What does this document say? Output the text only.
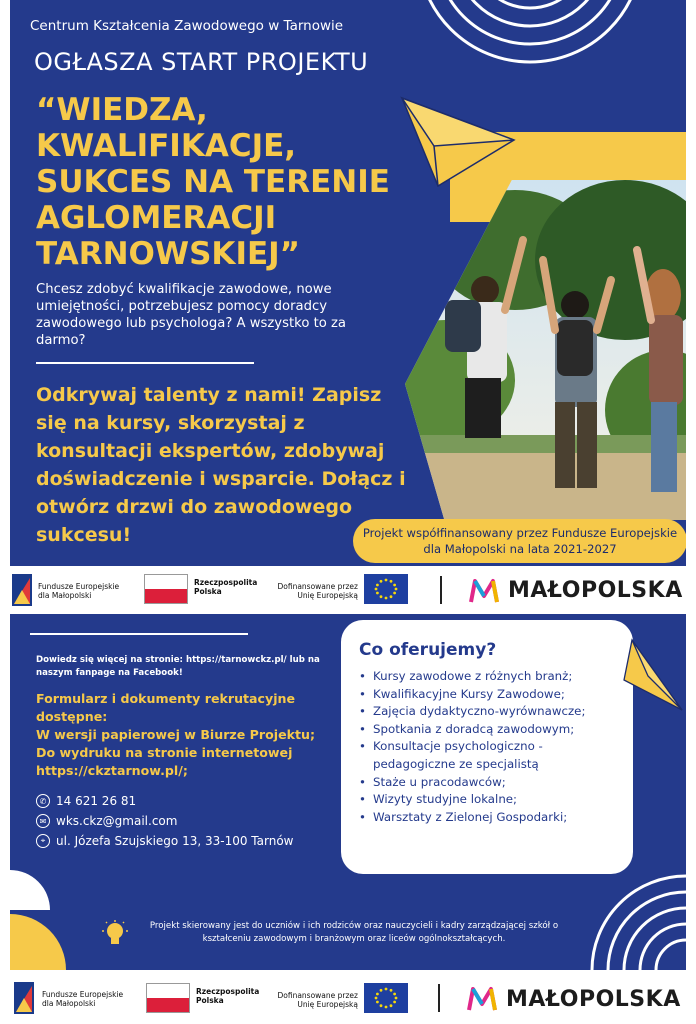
Centrum Kształcenia Zawodowego w Tarnowie
OGŁASZA START PROJEKTU
“WIEDZA,
KWALIFIKACJE,
SUKCES NA TERENIE
AGLOMERACJI
TARNOWSKIEJ”
Chcesz zdobyć kwalifikacje zawodowe, nowe umiejętności, potrzebujesz pomocy doradcy zawodowego lub psychologa? A wszystko to za darmo?
Odkrywaj talenty z nami! Zapisz się na kursy, skorzystaj z konsultacji ekspertów, zdobywaj doświadczenie i wsparcie. Dołącz i otwórz drzwi do zawodowego sukcesu!	Projekt współfinansowany przez Fundusze Europejskie dla Małopolski na lata 2021-2027
Fundusze Europejskie
dla Małopolski
Rzeczpospolita
Polska
Dofinansowane przez
Unię Europejską	MAŁOPOLSKA
Dowiedz się więcej na stronie: https://tarnowckz.pl/ lub na naszym fanpage na Facebook!
Formularz i dokumenty rekrutacyjne
dostępne:
W wersji papierowej w Biurze Projektu;
Do wydruku na stronie internetowej
https://ckztarnow.pl/;
✆ 14 621 26 81
✉ wks.ckz@gmail.com
⌖ ul. Józefa Szujskiego 13, 33-100 Tarnów
Co oferujemy?
• Kursy zawodowe z różnych branż;
• Kwalifikacyjne Kursy Zawodowe;
• Zajęcia dydaktyczno-wyrównawcze;
• Spotkania z doradcą zawodowym;
• Konsultacje psychologiczno - pedagogiczne ze specjalistą
• Staże u pracodawców;
• Wizyty studyjne lokalne;
• Warsztaty z Zielonej Gospodarki;
Projekt skierowany jest do uczniów i ich rodziców oraz nauczycieli i kadry zarządzającej szkół o kształceniu zawodowym i branżowym oraz liceów ogólnokształcących.
Fundusze Europejskie
dla Małopolski
Rzeczpospolita
Polska
Dofinansowane przez
Unię Europejską	MAŁOPOLSKA
